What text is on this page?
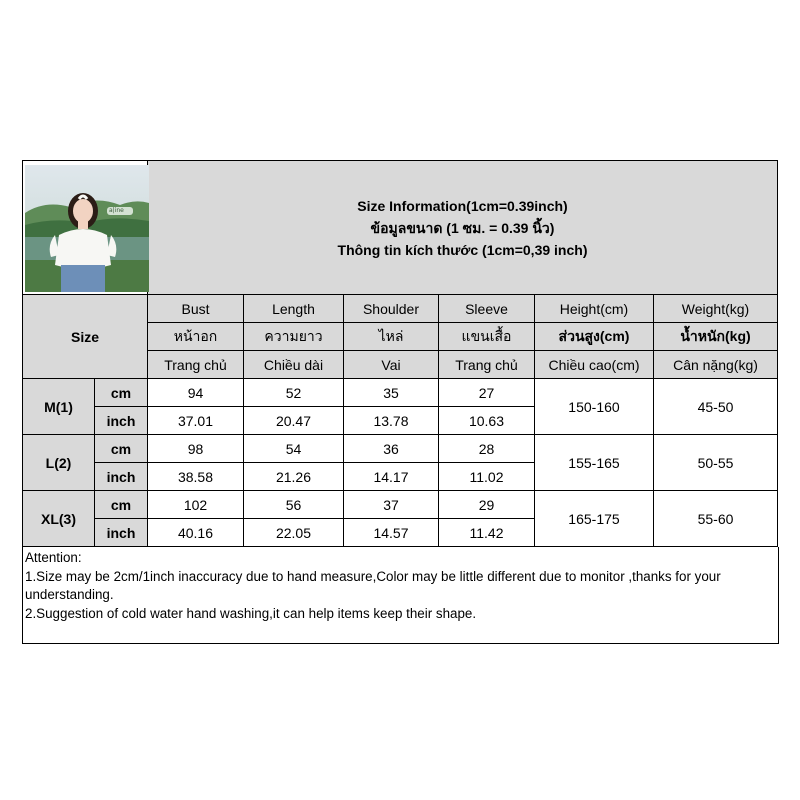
a|ine		Size Information(1cm=0.39inch)
ข้อมูลขนาด (1 ซม. = 0.39 นิ้ว)
Thông tin kích thước (1cm=0,39 inch)					

Size		Bust	Length	Shoulder	Sleeve	Height(cm)	Weight(kg)
		หน้าอก	ความยาว	ไหล่	แขนเสื้อ	ส่วนสูง(cm)	น้ำหนัก(kg)
		Trang chủ	Chiều dài	Vai	Trang chủ	Chiều cao(cm)	Cân nặng(kg)
M(1)	cm	94	52	35	27	150-160	45-50
	inch	37.01	20.47	13.78	10.63		
L(2)	cm	98	54	36	28	155-165	50-55
	inch	38.58	21.26	14.17	11.02		
XL(3)	cm	102	56	37	29	165-175	55-60
	inch	40.16	22.05	14.57	11.42		
Attention:
1.Size may be 2cm/1inch inaccuracy due to hand measure,Color may be little different due to monitor ,thanks for your understanding.
2.Suggestion of cold water hand washing,it can help items keep their shape.
